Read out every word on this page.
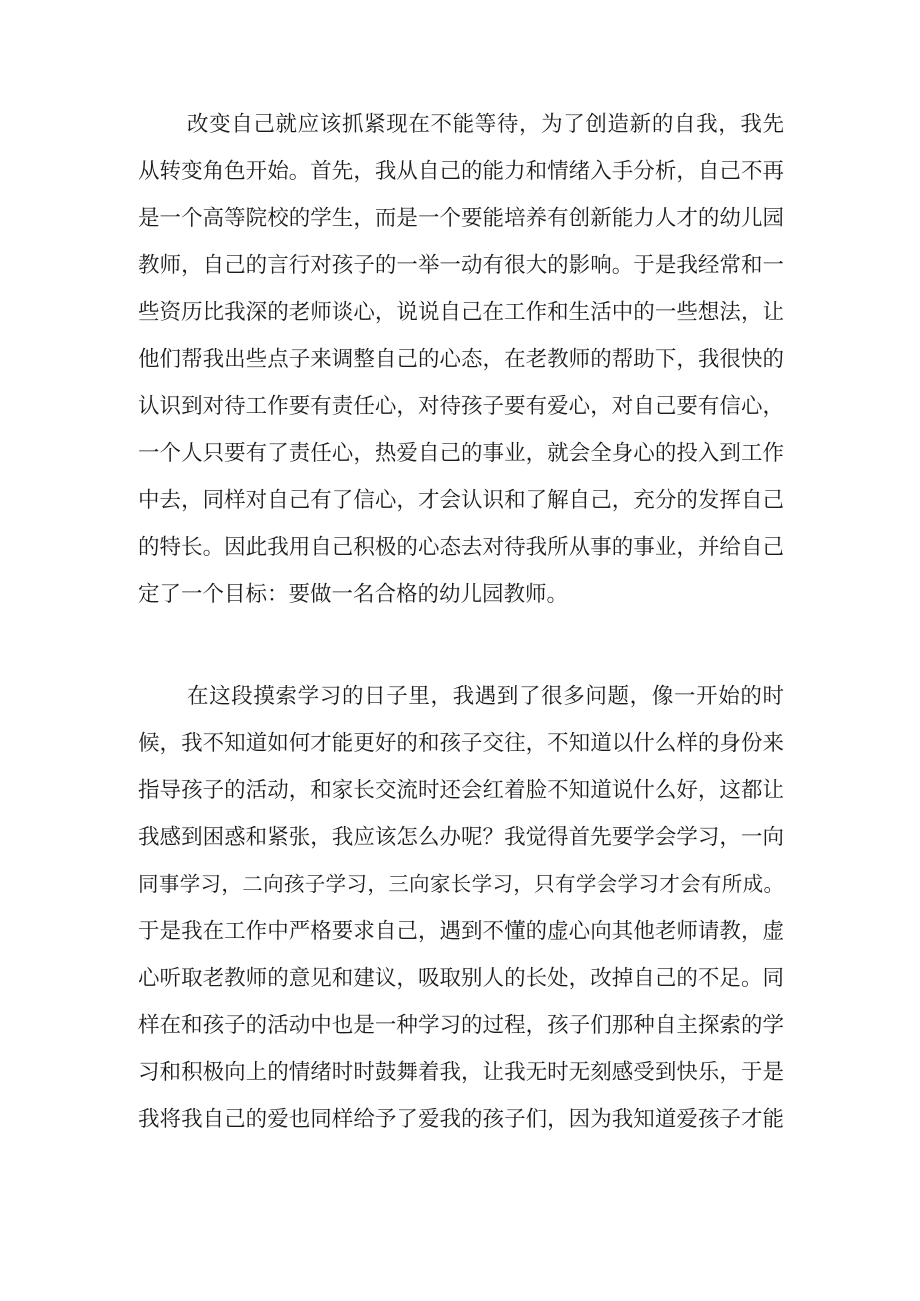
改变自己就应该抓紧现在不能等待，为了创造新的自我，我先
从转变角色开始。首先，我从自己的能力和情绪入手分析，自己不再
是一个高等院校的学生，而是一个要能培养有创新能力人才的幼儿园
教师，自己的言行对孩子的一举一动有很大的影响。于是我经常和一
些资历比我深的老师谈心，说说自己在工作和生活中的一些想法，让
他们帮我出些点子来调整自己的心态，在老教师的帮助下，我很快的
认识到对待工作要有责任心，对待孩子要有爱心，对自己要有信心，
一个人只要有了责任心，热爱自己的事业，就会全身心的投入到工作
中去，同样对自己有了信心，才会认识和了解自己，充分的发挥自己
的特长。因此我用自己积极的心态去对待我所从事的事业，并给自己
定了一个目标：要做一名合格的幼儿园教师。
在这段摸索学习的日子里，我遇到了很多问题，像一开始的时
候，我不知道如何才能更好的和孩子交往，不知道以什么样的身份来
指导孩子的活动，和家长交流时还会红着脸不知道说什么好，这都让
我感到困惑和紧张，我应该怎么办呢？我觉得首先要学会学习，一向
同事学习，二向孩子学习，三向家长学习，只有学会学习才会有所成。
于是我在工作中严格要求自己，遇到不懂的虚心向其他老师请教，虚
心听取老教师的意见和建议，吸取别人的长处，改掉自己的不足。同
样在和孩子的活动中也是一种学习的过程，孩子们那种自主探索的学
习和积极向上的情绪时时鼓舞着我，让我无时无刻感受到快乐，于是
我将我自己的爱也同样给予了爱我的孩子们，因为我知道爱孩子才能
